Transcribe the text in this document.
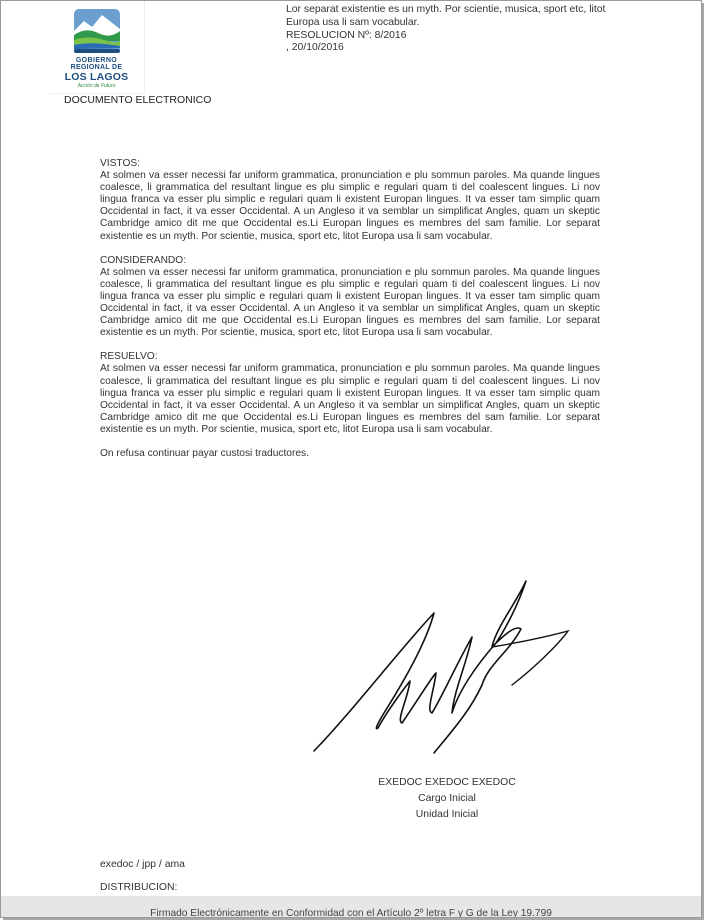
GOBIERNO
REGIONAL DE
LOS LAGOS
Acción de Futuro
DOCUMENTO ELECTRONICO
Lor separat existentie es un myth. Por scientie, musica, sport etc, litot Europa usa li sam vocabular.
RESOLUCION Nº: 8/2016
, 20/10/2016
VISTOS:
At solmen va esser necessi far uniform grammatica, pronunciation e plu sommun paroles. Ma quande lingues coalesce, li grammatica del resultant lingue es plu simplic e regulari quam ti del coalescent lingues. Li nov lingua franca va esser plu simplic e regulari quam li existent Europan lingues. It va esser tam simplic quam Occidental in fact, it va esser Occidental. A un Angleso it va semblar un simplificat Angles, quam un skeptic Cambridge amico dit me que Occidental es.Li Europan lingues es membres del sam familie. Lor separat existentie es un myth. Por scientie, musica, sport etc, litot Europa usa li sam vocabular.
CONSIDERANDO:
At solmen va esser necessi far uniform grammatica, pronunciation e plu sommun paroles. Ma quande lingues coalesce, li grammatica del resultant lingue es plu simplic e regulari quam ti del coalescent lingues. Li nov lingua franca va esser plu simplic e regulari quam li existent Europan lingues. It va esser tam simplic quam Occidental in fact, it va esser Occidental. A un Angleso it va semblar un simplificat Angles, quam un skeptic Cambridge amico dit me que Occidental es.Li Europan lingues es membres del sam familie. Lor separat existentie es un myth. Por scientie, musica, sport etc, litot Europa usa li sam vocabular.
RESUELVO:
At solmen va esser necessi far uniform grammatica, pronunciation e plu sommun paroles. Ma quande lingues coalesce, li grammatica del resultant lingue es plu simplic e regulari quam ti del coalescent lingues. Li nov lingua franca va esser plu simplic e regulari quam li existent Europan lingues. It va esser tam simplic quam Occidental in fact, it va esser Occidental. A un Angleso it va semblar un simplificat Angles, quam un skeptic Cambridge amico dit me que Occidental es.Li Europan lingues es membres del sam familie. Lor separat existentie es un myth. Por scientie, musica, sport etc, litot Europa usa li sam vocabular.
On refusa continuar payar custosi traductores.
EXEDOC EXEDOC EXEDOC
Cargo Inicial
Unidad Inicial
exedoc / jpp / ama
DISTRIBUCION:
Firmado Electrónicamente en Conformidad con el Artículo 2º letra F y G de la Ley 19.799
